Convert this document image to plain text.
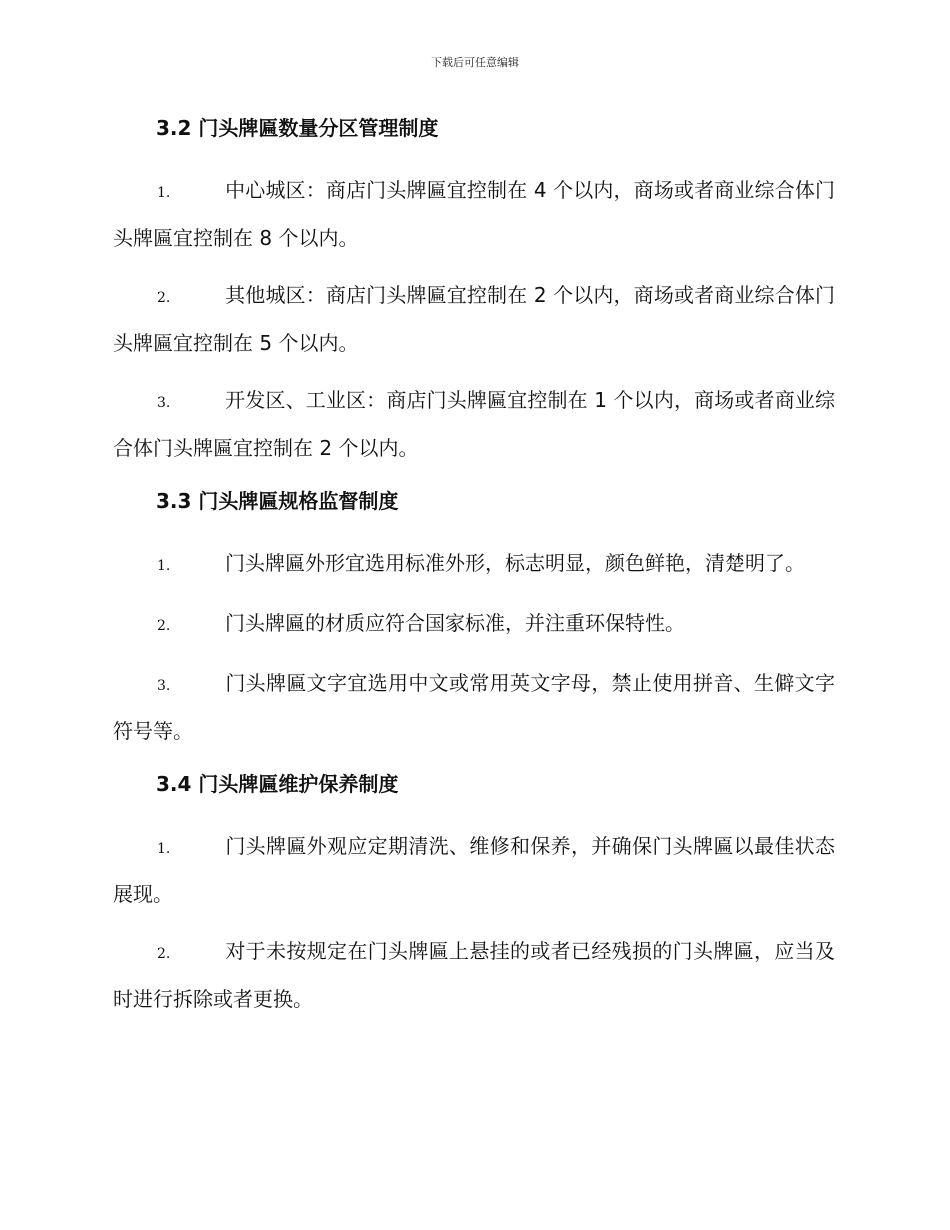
下载后可任意编辑
3.2 门头牌匾数量分区管理制度

1.	中心城区：商店门头牌匾宜控制在 4 个以内，商场或者商业综合体门头牌匾宜控制在 8 个以内。

2.	其他城区：商店门头牌匾宜控制在 2 个以内，商场或者商业综合体门头牌匾宜控制在 5 个以内。

3.	开发区、工业区：商店门头牌匾宜控制在 1 个以内，商场或者商业综合体门头牌匾宜控制在 2 个以内。

3.3 门头牌匾规格监督制度

1.	门头牌匾外形宜选用标准外形，标志明显，颜色鲜艳，清楚明了。

2.	门头牌匾的材质应符合国家标准，并注重环保特性。

3.	门头牌匾文字宜选用中文或常用英文字母，禁止使用拼音、生僻文字符号等。

3.4 门头牌匾维护保养制度

1.	门头牌匾外观应定期清洗、维修和保养，并确保门头牌匾以最佳状态展现。

2.	对于未按规定在门头牌匾上悬挂的或者已经残损的门头牌匾，应当及时进行拆除或者更换。
